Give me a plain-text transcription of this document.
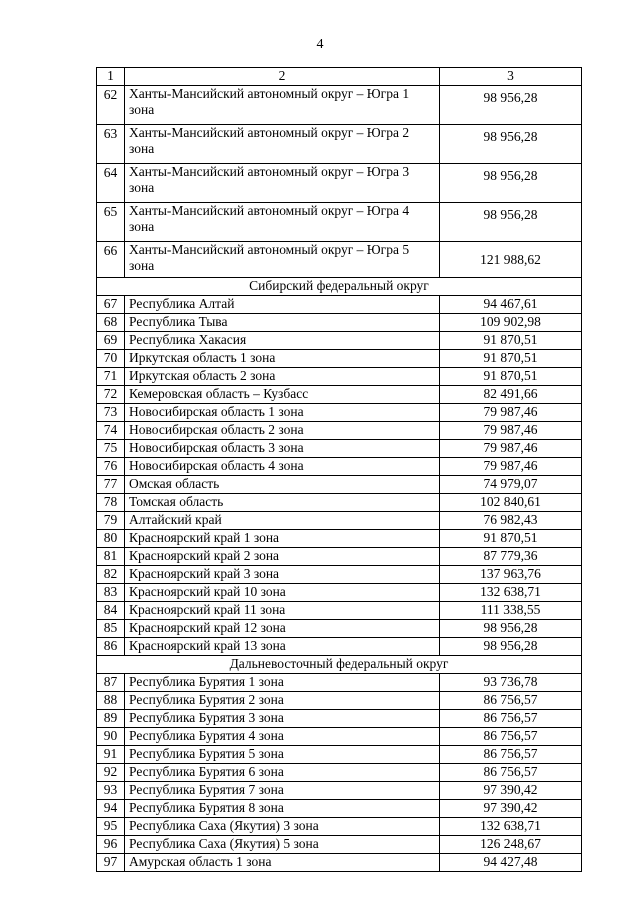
4
1	2	3
62	Ханты-Мансийский автономный округ – Югра 1 зона	98 956,28
63	Ханты-Мансийский автономный округ – Югра 2 зона	98 956,28
64	Ханты-Мансийский автономный округ – Югра 3 зона	98 956,28
65	Ханты-Мансийский автономный округ – Югра 4 зона	98 956,28
66	Ханты-Мансийский автономный округ – Югра 5 зона	121 988,62
Сибирский федеральный округ		
67	Республика Алтай	94 467,61
68	Республика Тыва	109 902,98
69	Республика Хакасия	91 870,51
70	Иркутская область 1 зона	91 870,51
71	Иркутская область 2 зона	91 870,51
72	Кемеровская область – Кузбасс	82 491,66
73	Новосибирская область 1 зона	79 987,46
74	Новосибирская область 2 зона	79 987,46
75	Новосибирская область 3 зона	79 987,46
76	Новосибирская область 4 зона	79 987,46
77	Омская область	74 979,07
78	Томская область	102 840,61
79	Алтайский край	76 982,43
80	Красноярский край 1 зона	91 870,51
81	Красноярский край 2 зона	87 779,36
82	Красноярский край 3 зона	137 963,76
83	Красноярский край 10 зона	132 638,71
84	Красноярский край 11 зона	111 338,55
85	Красноярский край 12 зона	98 956,28
86	Красноярский край 13 зона	98 956,28
Дальневосточный федеральный округ		
87	Республика Бурятия 1 зона	93 736,78
88	Республика Бурятия 2 зона	86 756,57
89	Республика Бурятия 3 зона	86 756,57
90	Республика Бурятия 4 зона	86 756,57
91	Республика Бурятия 5 зона	86 756,57
92	Республика Бурятия 6 зона	86 756,57
93	Республика Бурятия 7 зона	97 390,42
94	Республика Бурятия 8 зона	97 390,42
95	Республика Саха (Якутия) 3 зона	132 638,71
96	Республика Саха (Якутия) 5 зона	126 248,67
97	Амурская область 1 зона	94 427,48
